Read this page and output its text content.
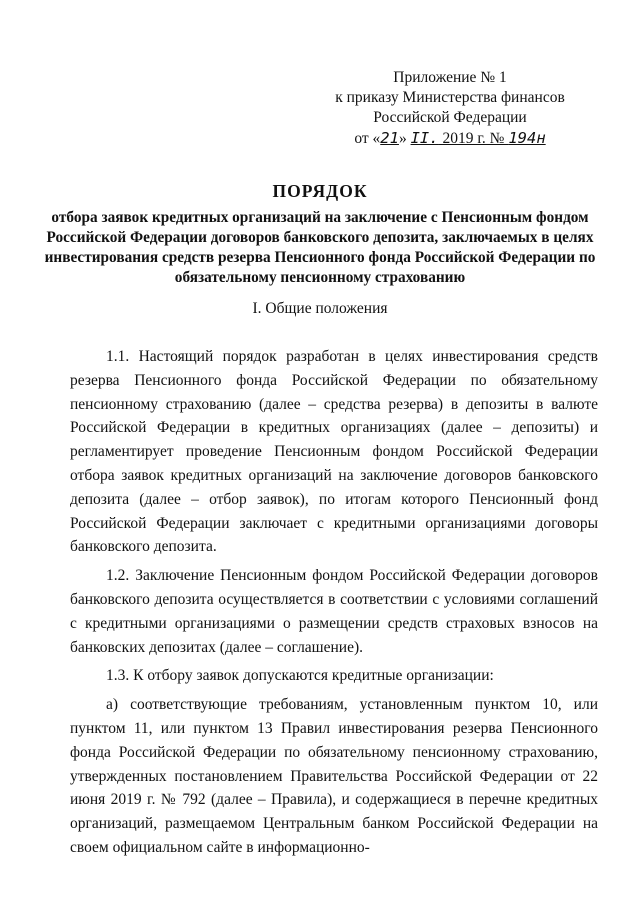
Приложение № 1
к приказу Министерства финансов
Российской Федерации
от «21» II. 2019 г. № 194н
ПОРЯДОК
отбора заявок кредитных организаций на заключение с Пенсионным фондом Российской Федерации договоров банковского депозита, заключаемых в целях инвестирования средств резерва Пенсионного фонда Российской Федерации по обязательному пенсионному страхованию
I. Общие положения

1.1. Настоящий порядок разработан в целях инвестирования средств резерва Пенсионного фонда Российской Федерации по обязательному пенсионному страхованию (далее – средства резерва) в депозиты в валюте Российской Федерации в кредитных организациях (далее – депозиты) и регламентирует проведение Пенсионным фондом Российской Федерации отбора заявок кредитных организаций на заключение договоров банковского депозита (далее – отбор заявок), по итогам которого Пенсионный фонд Российской Федерации заключает с кредитными организациями договоры банковского депозита.

1.2. Заключение Пенсионным фондом Российской Федерации договоров банковского депозита осуществляется в соответствии с условиями соглашений с кредитными организациями о размещении средств страховых взносов на банковских депозитах (далее – соглашение).

1.3. К отбору заявок допускаются кредитные организации:

а) соответствующие требованиям, установленным пунктом 10, или пунктом 11, или пунктом 13 Правил инвестирования резерва Пенсионного фонда Российской Федерации по обязательному пенсионному страхованию, утвержденных постановлением Правительства Российской Федерации от 22 июня 2019 г. № 792 (далее – Правила), и содержащиеся в перечне кредитных организаций, размещаемом Центральным банком Российской Федерации на своем официальном сайте в информационно-
